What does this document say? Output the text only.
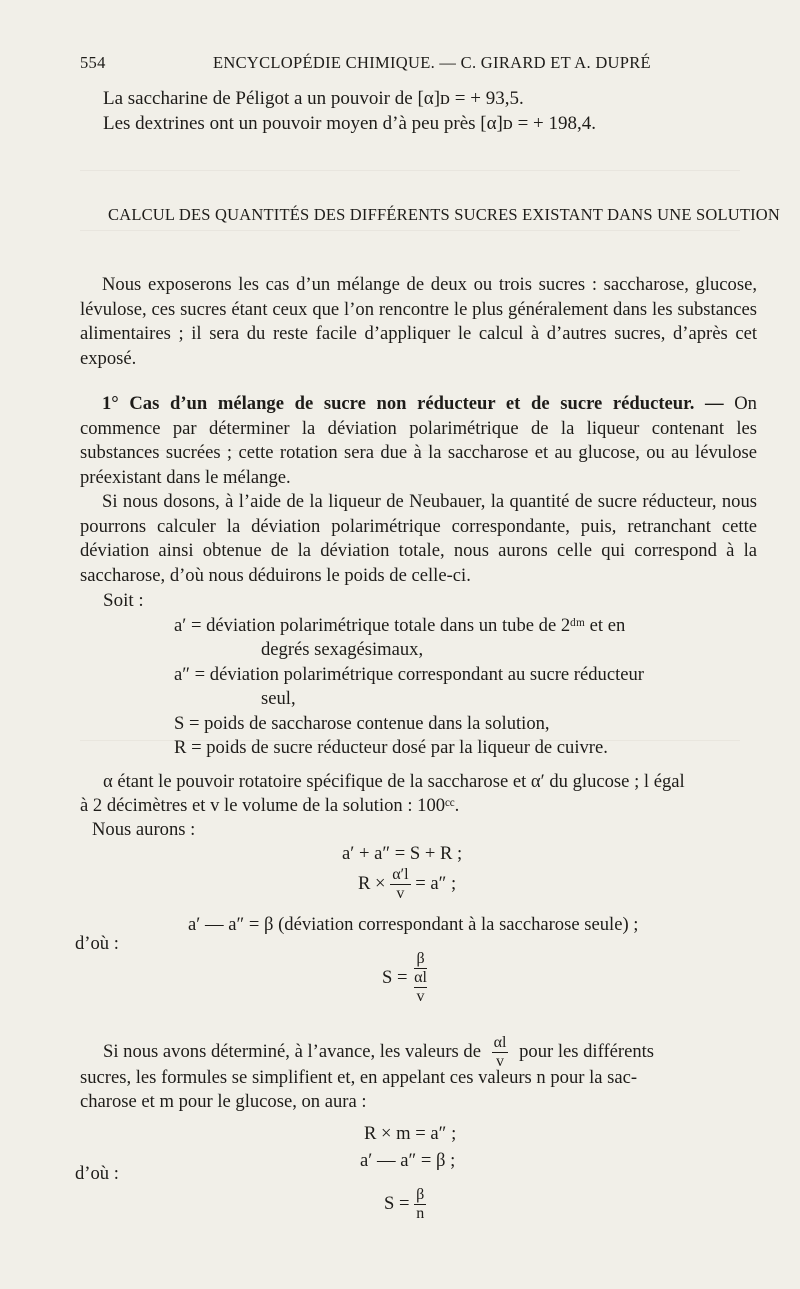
554	ENCYCLOPÉDIE CHIMIQUE. — C. GIRARD ET A. DUPRÉ
La saccharine de Péligot a un pouvoir de [α]ᴅ = + 93,5.
Les dextrines ont un pouvoir moyen d’à peu près [α]ᴅ = + 198,4.
CALCUL DES QUANTITÉS DES DIFFÉRENTS SUCRES EXISTANT DANS UNE SOLUTION

Nous exposerons les cas d’un mélange de deux ou trois sucres : saccharose, glucose, lévulose, ces sucres étant ceux que l’on rencontre le plus généralement dans les substances alimentaires ; il sera du reste facile d’appliquer le calcul à d’autres sucres, d’après cet exposé.

1° Cas d’un mélange de sucre non réducteur et de sucre réducteur. — On commence par déterminer la déviation polarimétrique de la liqueur contenant les substances sucrées ; cette rotation sera due à la saccharose et au glucose, ou au lévulose préexistant dans le mélange.

Si nous dosons, à l’aide de la liqueur de Neubauer, la quantité de sucre réducteur, nous pourrons calculer la déviation polarimétrique correspondante, puis, retranchant cette déviation ainsi obtenue de la déviation totale, nous aurons celle qui correspond à la saccharose, d’où nous déduirons le poids de celle-ci.

Soit :
a′ = déviation polarimétrique totale dans un tube de 2ᵈᵐ et en
degrés sexagésimaux,
a″ = déviation polarimétrique correspondant au sucre réducteur
seul,
S = poids de saccharose contenue dans la solution,
R = poids de sucre réducteur dosé par la liqueur de cuivre.
α étant le pouvoir rotatoire spécifique de la saccharose et α′ du glucose ; l égal
à 2 décimètres et v le volume de la solution : 100ᶜᶜ.
Nous aurons :
a′ + a″ = S + R ;
$R \times \frac{\alpha'l}{v} = a''$ ;
a′ — a″ = β (déviation correspondant à la saccharose seule) ;
d’où :
S =
β
αl
v
Si nous avons déterminé, à l’avance, les valeurs de $\frac{\alpha l}{v}$ pour les différents
sucres, les formules se simplifient et, en appelant ces valeurs n pour la sac-
charose et m pour le glucose, on aura :
R × m = a″ ;
a′ — a″ = β ;
d’où :
$S = \frac{\beta}{n}$
